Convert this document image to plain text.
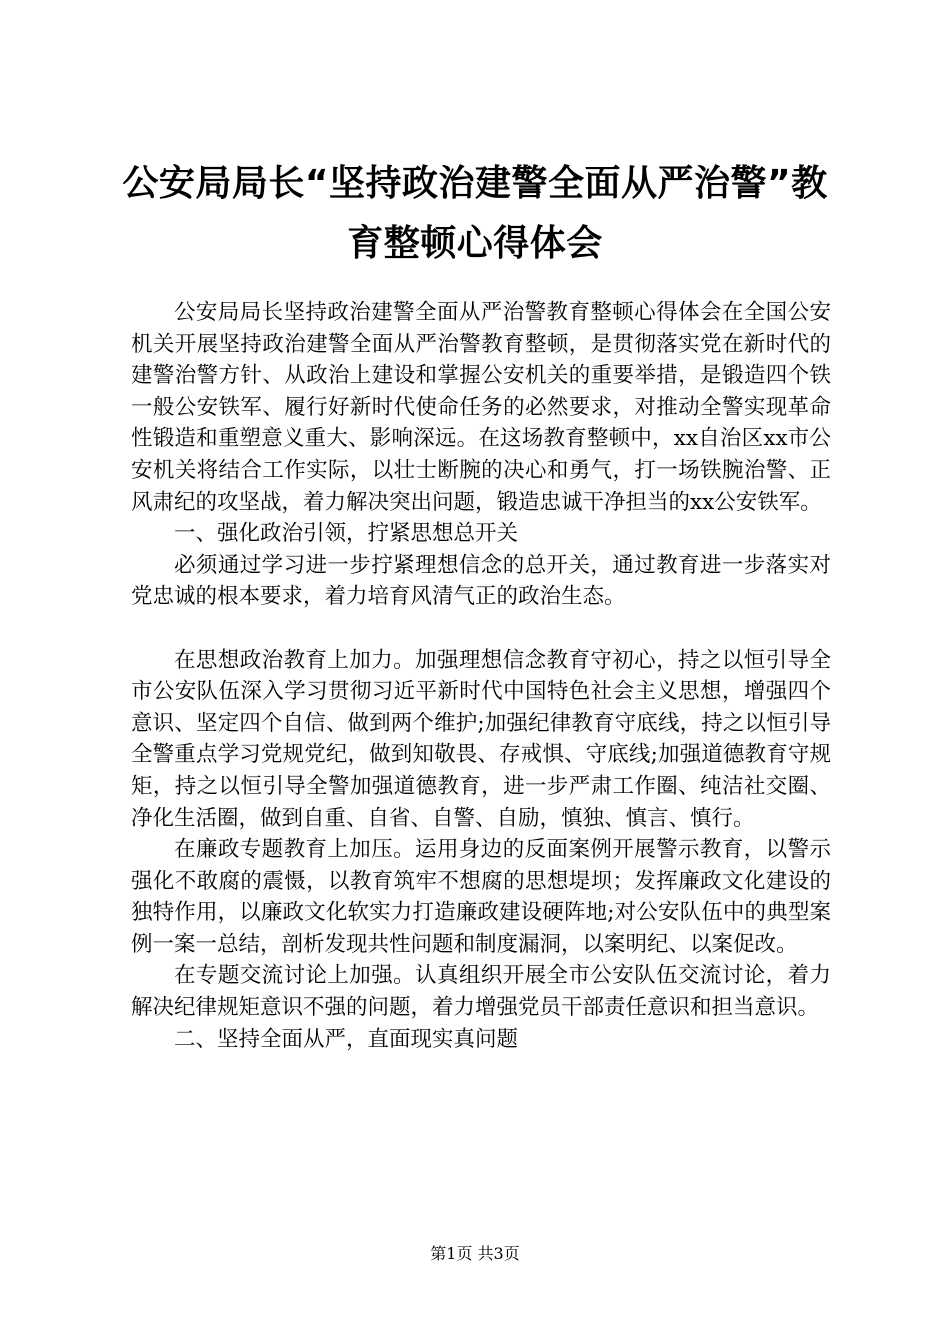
公安局局长“坚持政治建警全面从严治警”教
育整顿心得体会

公安局局长坚持政治建警全面从严治警教育整顿心得体会在全国公安机关开展坚持政治建警全面从严治警教育整顿，是贯彻落实党在新时代的建警治警方针、从政治上建设和掌握公安机关的重要举措，是锻造四个铁一般公安铁军、履行好新时代使命任务的必然要求，对推动全警实现革命性锻造和重塑意义重大、影响深远。在这场教育整顿中，xx自治区xx市公安机关将结合工作实际，以壮士断腕的决心和勇气，打一场铁腕治警、正风肃纪的攻坚战，着力解决突出问题，锻造忠诚干净担当的xx公安铁军。

一、强化政治引领，拧紧思想总开关

必须通过学习进一步拧紧理想信念的总开关，通过教育进一步落实对党忠诚的根本要求，着力培育风清气正的政治生态。

在思想政治教育上加力。加强理想信念教育守初心，持之以恒引导全市公安队伍深入学习贯彻习近平新时代中国特色社会主义思想，增强四个意识、坚定四个自信、做到两个维护;加强纪律教育守底线，持之以恒引导全警重点学习党规党纪，做到知敬畏、存戒惧、守底线;加强道德教育守规矩，持之以恒引导全警加强道德教育，进一步严肃工作圈、纯洁社交圈、净化生活圈，做到自重、自省、自警、自励，慎独、慎言、慎行。

在廉政专题教育上加压。运用身边的反面案例开展警示教育，以警示强化不敢腐的震慑，以教育筑牢不想腐的思想堤坝；发挥廉政文化建设的独特作用，以廉政文化软实力打造廉政建设硬阵地;对公安队伍中的典型案例一案一总结，剖析发现共性问题和制度漏洞，以案明纪、以案促改。

在专题交流讨论上加强。认真组织开展全市公安队伍交流讨论，着力解决纪律规矩意识不强的问题，着力增强党员干部责任意识和担当意识。

二、坚持全面从严，直面现实真问题

第1页 共3页
